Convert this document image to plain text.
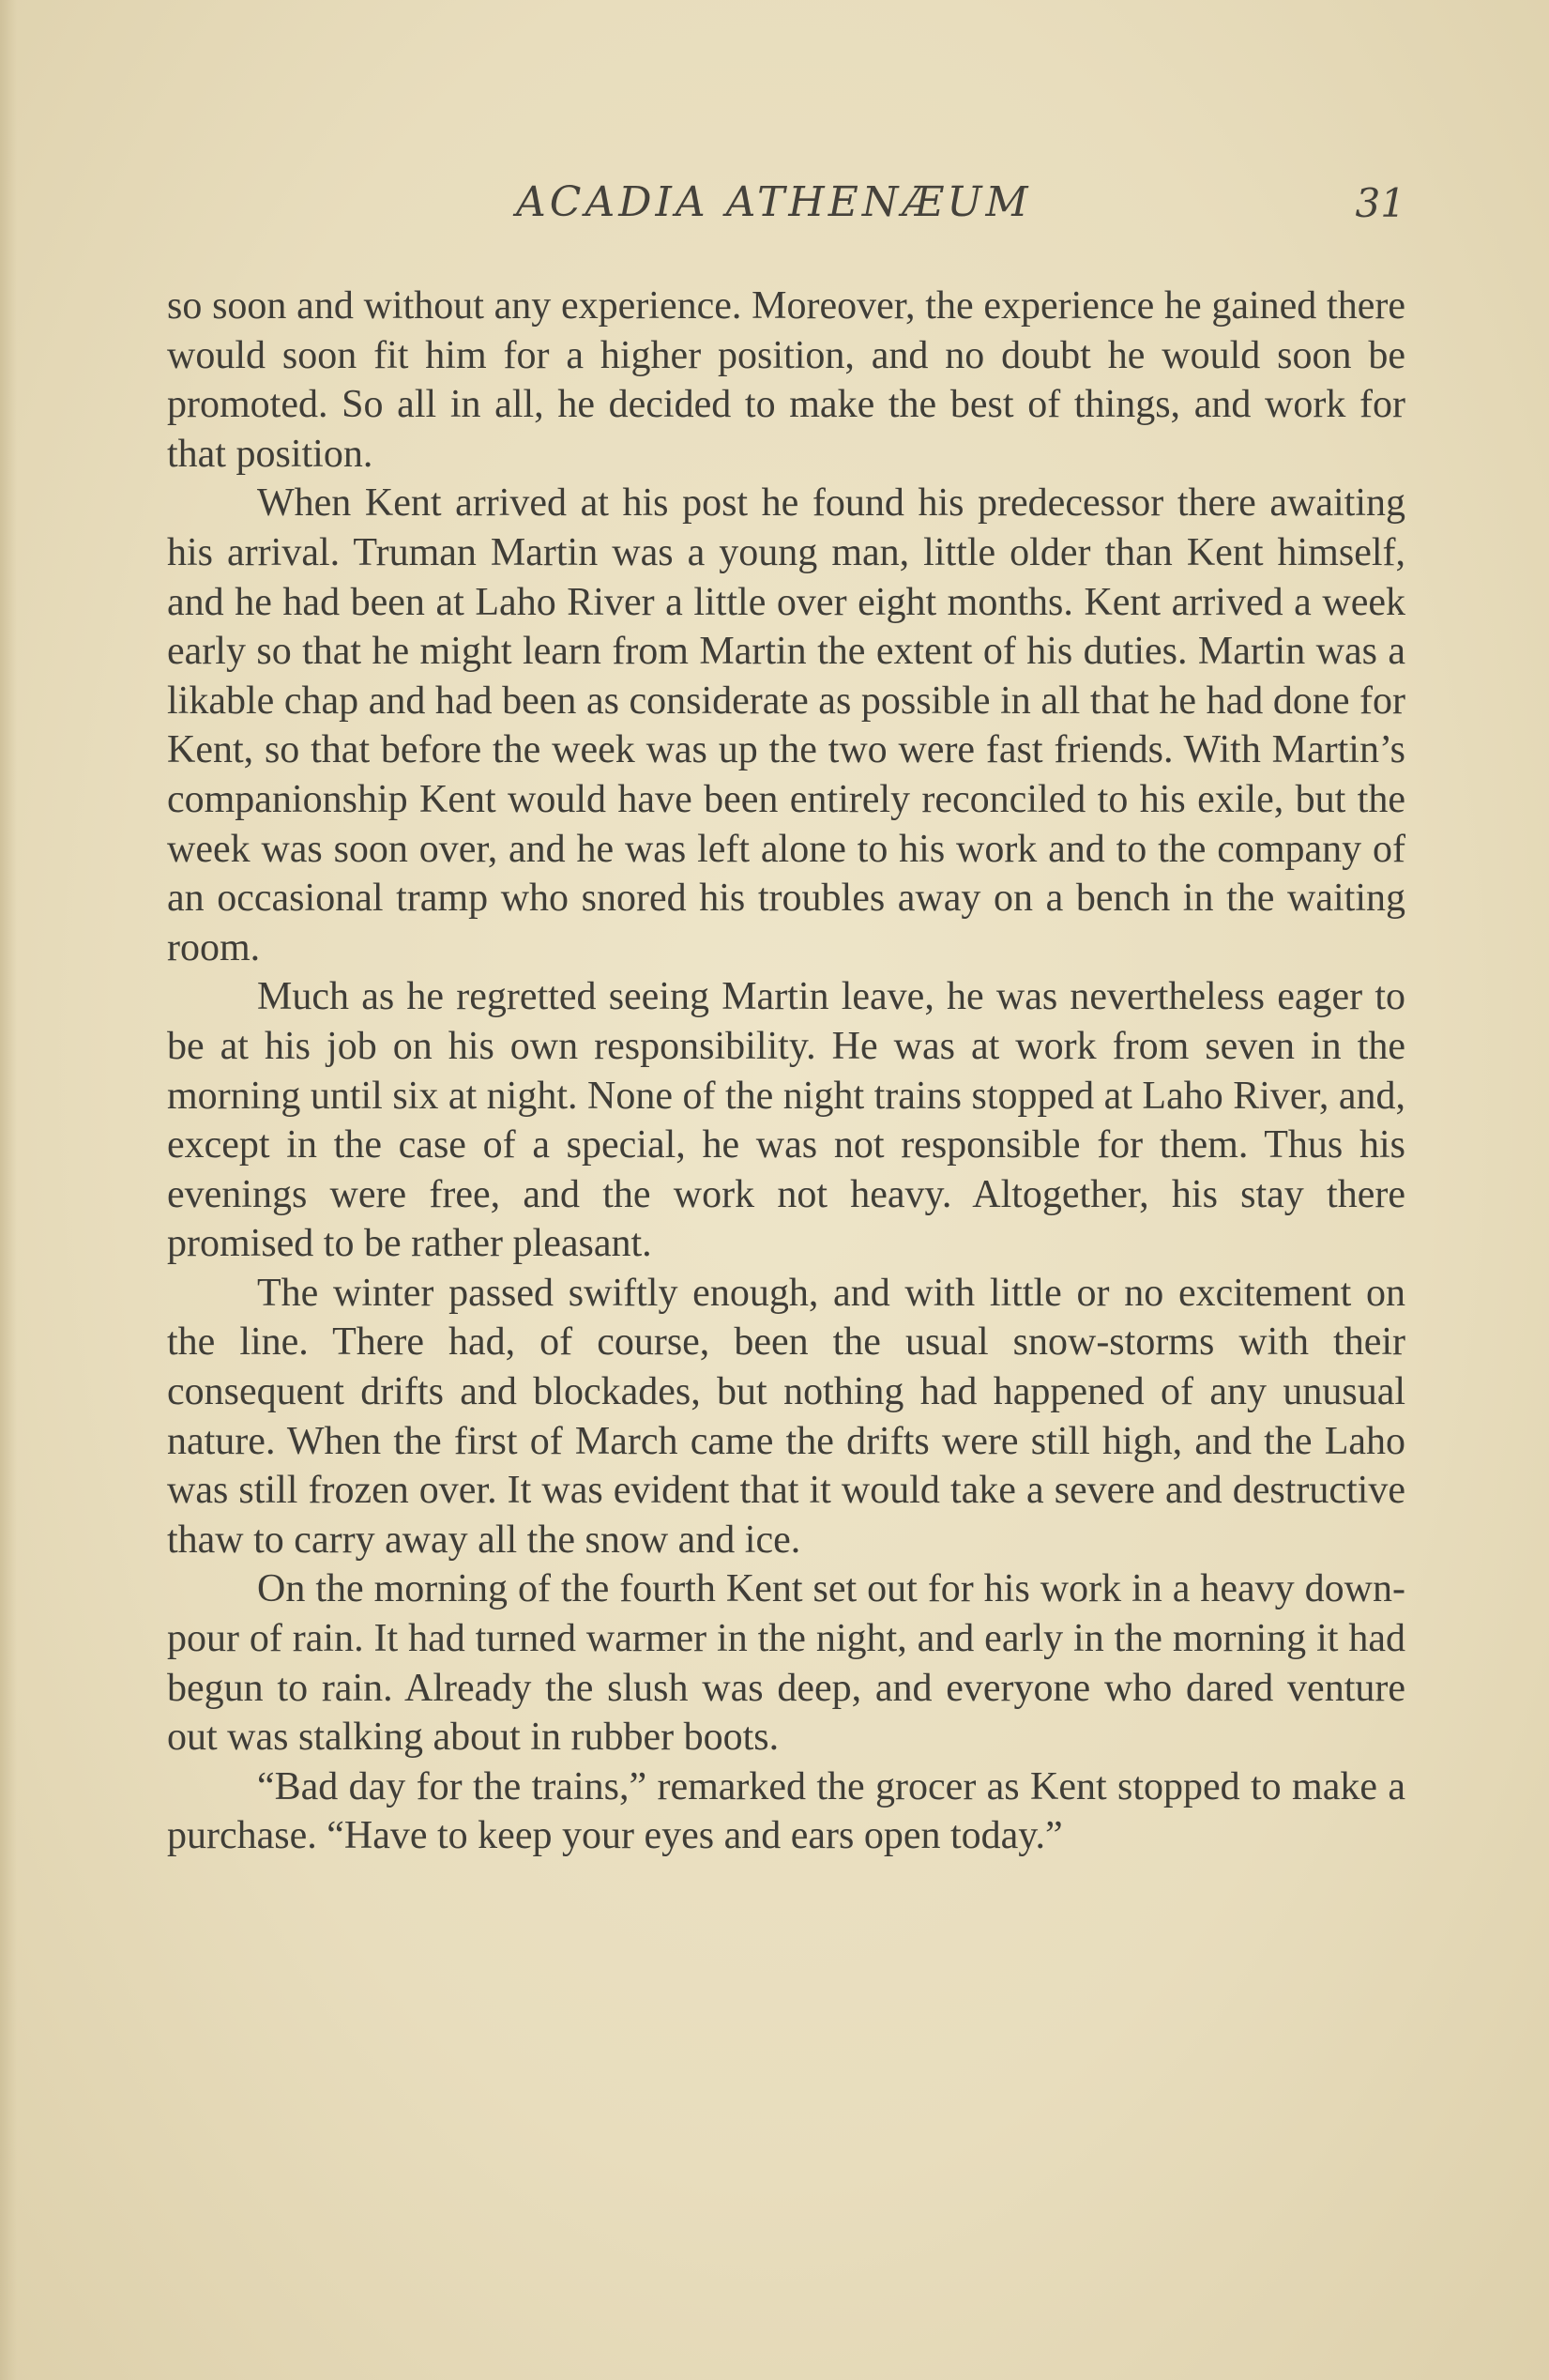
ACADIA ATHENÆUM	31

so soon and without any experience. Moreover, the experience he gained there would soon fit him for a higher position, and no doubt he would soon be promoted. So all in all, he decided to make the best of things, and work for that position.

When Kent arrived at his post he found his predecessor there awaiting his arrival. Truman Martin was a young man, little older than Kent himself, and he had been at Laho River a little over eight months. Kent arrived a week early so that he might learn from Martin the extent of his duties. Martin was a likable chap and had been as considerate as possible in all that he had done for Kent, so that before the week was up the two were fast friends. With Martin’s companionship Kent would have been entirely reconciled to his exile, but the week was soon over, and he was left alone to his work and to the company of an occasional tramp who snored his troubles away on a bench in the waiting room.

Much as he regretted seeing Martin leave, he was nevertheless eager to be at his job on his own responsibility. He was at work from seven in the morning until six at night. None of the night trains stopped at Laho River, and, except in the case of a special, he was not responsible for them. Thus his evenings were free, and the work not heavy. Altogether, his stay there promised to be rather pleasant.

The winter passed swiftly enough, and with little or no excitement on the line. There had, of course, been the usual snow-storms with their consequent drifts and blockades, but nothing had happened of any unusual nature. When the first of March came the drifts were still high, and the Laho was still frozen over. It was evident that it would take a severe and destructive thaw to carry away all the snow and ice.

On the morning of the fourth Kent set out for his work in a heavy down-pour of rain. It had turned warmer in the night, and early in the morning it had begun to rain. Already the slush was deep, and everyone who dared venture out was stalking about in rubber boots.

“Bad day for the trains,” remarked the grocer as Kent stopped to make a purchase. “Have to keep your eyes and ears open today.”
